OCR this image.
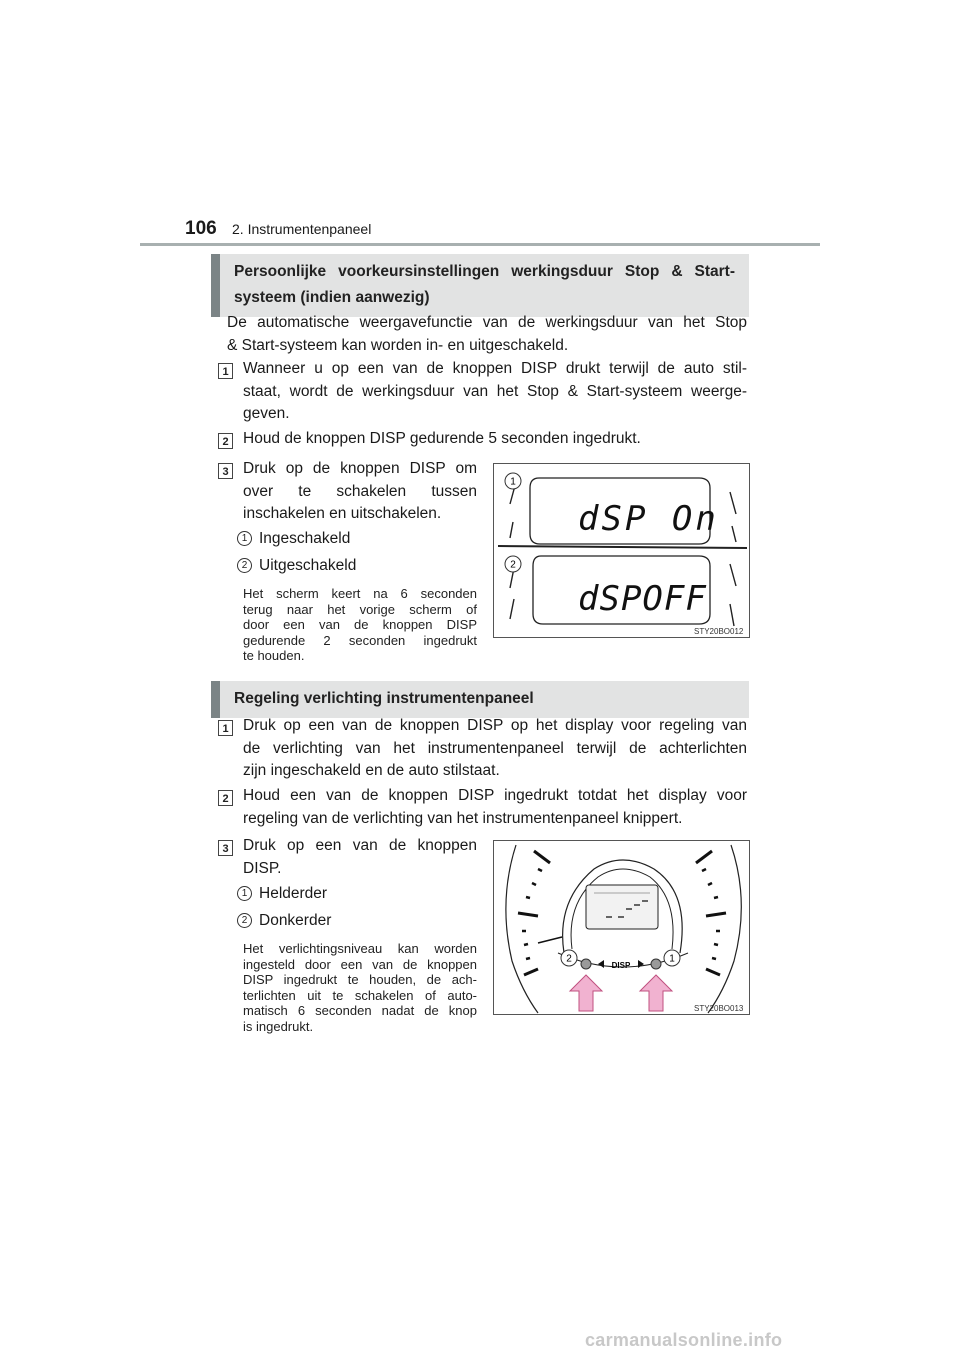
106 2. Instrumentenpaneel
Persoonlijke voorkeursinstellingen werkingsduur Stop & Start-
systeem (indien aanwezig)
De automatische weergavefunctie van de werkingsduur van het Stop
& Start-systeem kan worden in- en uitgeschakeld.
1 Wanneer u op een van de knoppen DISP drukt terwijl de auto stil-
staat, wordt de werkingsduur van het Stop & Start-systeem weerge-
geven.
2 Houd de knoppen DISP gedurende 5 seconden ingedrukt.
3 Druk op de knoppen DISP om
over te schakelen tussen
inschakelen en uitschakelen.
1 Ingeschakeld
2 Uitgeschakeld
Het scherm keert na 6 seconden
terug naar het vorige scherm of
door een van de knoppen DISP
gedurende 2 seconden ingedrukt
te houden.
1
2
dSP On
dSPOFF
STY20BO012
Regeling verlichting instrumentenpaneel
1 Druk op een van de knoppen DISP op het display voor regeling van
de verlichting van het instrumentenpaneel terwijl de achterlichten
zijn ingeschakeld en de auto stilstaat.
2 Houd een van de knoppen DISP ingedrukt totdat het display voor
regeling van de verlichting van het instrumentenpaneel knippert.
3 Druk op een van de knoppen
DISP.
1 Helderder
2 Donkerder
Het verlichtingsniveau kan worden
ingesteld door een van de knoppen
DISP ingedrukt te houden, de ach-
terlichten uit te schakelen of auto-
matisch 6 seconden nadat de knop
is ingedrukt.
DISP
2	1
STY20BO013
carmanualsonline.info
